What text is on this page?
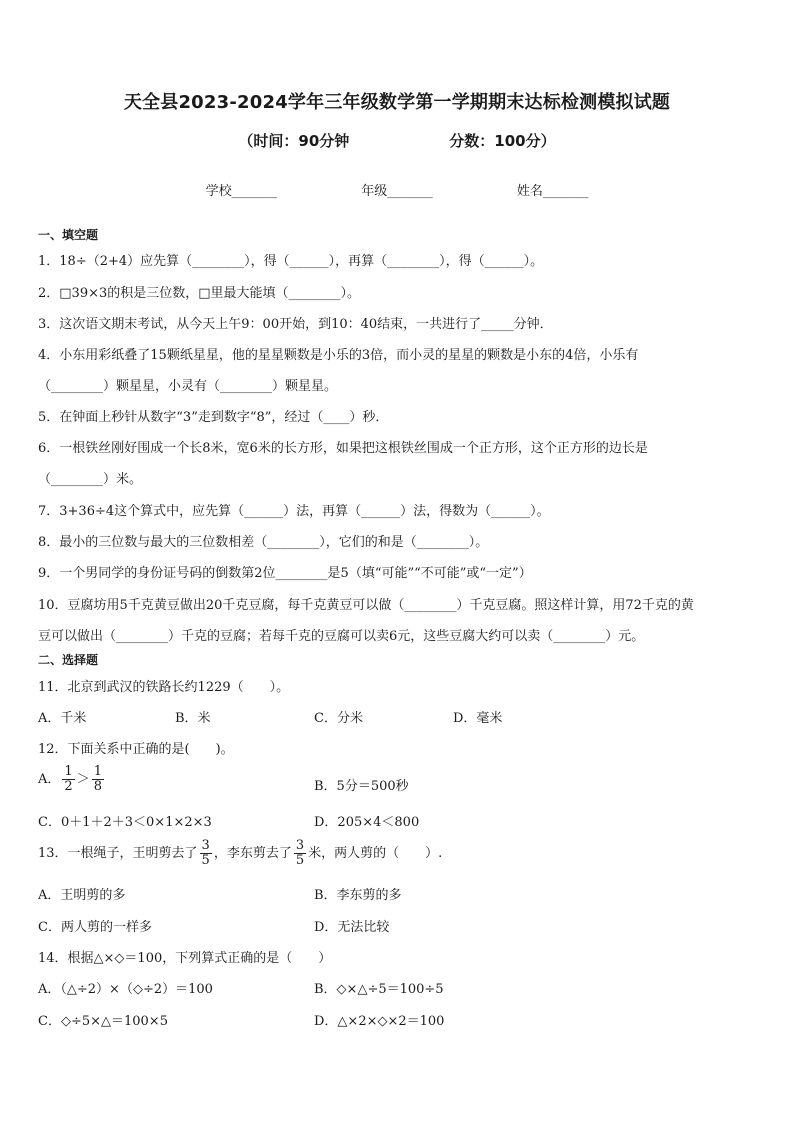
天全县2023-2024学年三年级数学第一学期期末达标检测模拟试题
（时间：90分钟	分数：100分）
学校_______	年级_______	姓名_______
一、填空题
1．18÷（2+4）应先算（________），得（______），再算（________），得（______）。
2．□39×3的积是三位数，□里最大能填（________）。
3．这次语文期末考试，从今天上午9：00开始，到10：40结束，一共进行了_____分钟．
4．小东用彩纸叠了15颗纸星星，他的星星颗数是小乐的3倍，而小灵的星星的颗数是小东的4倍，小乐有
（________）颗星星，小灵有（________）颗星星。
5．在钟面上秒针从数字“3”走到数字“8”，经过（____）秒．
6．一根铁丝刚好围成一个长8米，宽6米的长方形，如果把这根铁丝围成一个正方形，这个正方形的边长是
（________）米。
7．3+36÷4这个算式中，应先算（______）法，再算（______）法，得数为（______）。
8．最小的三位数与最大的三位数相差（________），它们的和是（________）。
9．一个男同学的身份证号码的倒数第2位________是5（填“可能”“不可能”或“一定”）
10．豆腐坊用5千克黄豆做出20千克豆腐，每千克黄豆可以做（________）千克豆腐。照这样计算，用72千克的黄
豆可以做出（________）千克的豆腐；若每千克的豆腐可以卖6元，这些豆腐大约可以卖（________）元。
二、选择题
11．北京到武汉的铁路长约1229（　　）。
A．千米	B．米	C．分米	D．毫米
12．下面关系中正确的是(　　)。
A． $\frac{1}{2} > \frac{1}{8}$	B．5分＝500秒
C．0＋1＋2＋3＜0×1×2×3	D．205×4＜800
13．一根绳子，王明剪去了 $\frac{3}{5}$ ，李东剪去了 $\frac{3}{5}$ 米，两人剪的（　　）.
A．王明剪的多	B．李东剪的多
C．两人剪的一样多	D．无法比较
14．根据△×◇＝100，下列算式正确的是（　　）
A．（△÷2）×（◇÷2）＝100	B．◇×△÷5＝100÷5
C．◇÷5×△＝100×5	D．△×2×◇×2＝100
